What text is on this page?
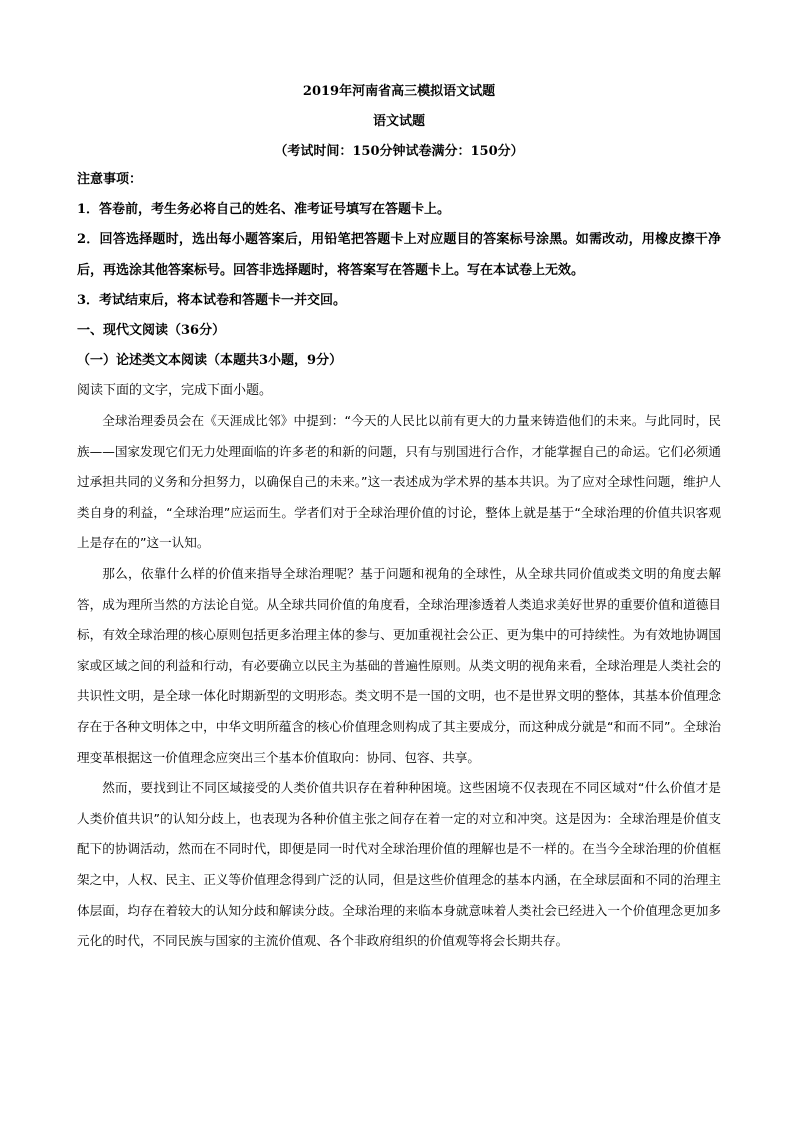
2019年河南省高三模拟语文试题

语文试题

（考试时间：150分钟试卷满分：150分）

注意事项：

1．答卷前，考生务必将自己的姓名、准考证号填写在答题卡上。

2．回答选择题时，选出每小题答案后，用铅笔把答题卡上对应题目的答案标号涂黑。如需改动，用橡皮擦干净后，再选涂其他答案标号。回答非选择题时，将答案写在答题卡上。写在本试卷上无效。

3．考试结束后，将本试卷和答题卡一并交回。

一、现代文阅读（36分）

（一）论述类文本阅读（本题共3小题，9分）

阅读下面的文字，完成下面小题。

全球治理委员会在《天涯成比邻》中提到：“今天的人民比以前有更大的力量来铸造他们的未来。与此同时，民族——国家发现它们无力处理面临的许多老的和新的问题，只有与别国进行合作，才能掌握自己的命运。它们必须通过承担共同的义务和分担努力，以确保自己的未来。”这一表述成为学术界的基本共识。为了应对全球性问题，维护人类自身的利益，“全球治理”应运而生。学者们对于全球治理价值的讨论，整体上就是基于“全球治理的价值共识客观上是存在的”这一认知。

那么，依靠什么样的价值来指导全球治理呢？基于问题和视角的全球性，从全球共同价值或类文明的角度去解答，成为理所当然的方法论自觉。从全球共同价值的角度看，全球治理渗透着人类追求美好世界的重要价值和道德目标，有效全球治理的核心原则包括更多治理主体的参与、更加重视社会公正、更为集中的可持续性。为有效地协调国家或区域之间的利益和行动，有必要确立以民主为基础的普遍性原则。从类文明的视角来看，全球治理是人类社会的共识性文明，是全球一体化时期新型的文明形态。类文明不是一国的文明，也不是世界文明的整体，其基本价值理念存在于各种文明体之中，中华文明所蕴含的核心价值理念则构成了其主要成分，而这种成分就是“和而不同”。全球治理变革根据这一价值理念应突出三个基本价值取向：协同、包容、共享。

然而，要找到让不同区域接受的人类价值共识存在着种种困境。这些困境不仅表现在不同区域对“什么价值才是人类价值共识”的认知分歧上，也表现为各种价值主张之间存在着一定的对立和冲突。这是因为：全球治理是价值支配下的协调活动，然而在不同时代，即便是同一时代对全球治理价值的理解也是不一样的。在当今全球治理的价值框架之中，人权、民主、正义等价值理念得到广泛的认同，但是这些价值理念的基本内涵，在全球层面和不同的治理主体层面，均存在着较大的认知分歧和解读分歧。全球治理的来临本身就意味着人类社会已经进入一个价值理念更加多元化的时代，不同民族与国家的主流价值观、各个非政府组织的价值观等将会长期共存。
